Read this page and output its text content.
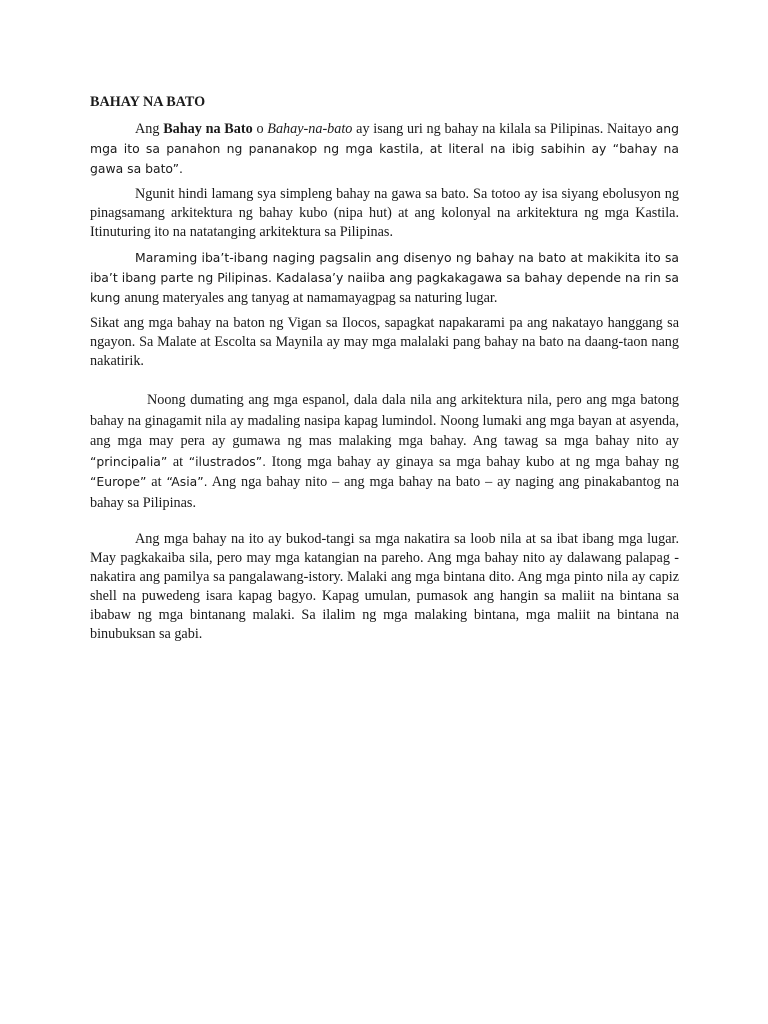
BAHAY NA BATO

Ang Bahay na Bato o Bahay-na-bato ay isang uri ng bahay na kilala sa Pilipinas. Naitayo ang mga ito sa panahon ng pananakop ng mga kastila, at literal na ibig sabihin ay “bahay na gawa sa bato”.

Ngunit hindi lamang sya simpleng bahay na gawa sa bato. Sa totoo ay isa siyang ebolusyon ng pinagsamang arkitektura ng bahay kubo (nipa hut) at ang kolonyal na arkitektura ng mga Kastila. Itinuturing ito na natatanging arkitektura sa Pilipinas.

Maraming iba’t-ibang naging pagsalin ang disenyo ng bahay na bato at makikita ito sa iba’t ibang parte ng Pilipinas. Kadalasa’y naiiba ang pagkakagawa sa bahay depende na rin sa kung anung materyales ang tanyag at namamayagpag sa naturing lugar.

Sikat ang mga bahay na baton ng Vigan sa Ilocos, sapagkat napakarami pa ang nakatayo hanggang sa ngayon. Sa Malate at Escolta sa Maynila ay may mga malalaki pang bahay na bato na daang-taon nang nakatirik.

Noong dumating ang mga espanol, dala dala nila ang arkitektura nila, pero ang mga batong bahay na ginagamit nila ay madaling nasipa kapag lumindol. Noong lumaki ang mga bayan at asyenda, ang mga may pera ay gumawa ng mas malaking mga bahay. Ang tawag sa mga bahay nito ay “principalia” at “ilustrados”. Itong mga bahay ay ginaya sa mga bahay kubo at ng mga bahay ng “Europe” at “Asia”. Ang nga bahay nito – ang mga bahay na bato – ay naging ang pinakabantog na bahay sa Pilipinas.

Ang mga bahay na ito ay bukod-tangi sa mga nakatira sa loob nila at sa ibat ibang mga lugar. May pagkakaiba sila, pero may mga katangian na pareho. Ang mga bahay nito ay dalawang palapag - nakatira ang pamilya sa pangalawang-istory. Malaki ang mga bintana dito. Ang mga pinto nila ay capiz shell na puwedeng isara kapag bagyo. Kapag umulan, pumasok ang hangin sa maliit na bintana sa ibabaw ng mga bintanang malaki. Sa ilalim ng mga malaking bintana, mga maliit na bintana na binubuksan sa gabi.
